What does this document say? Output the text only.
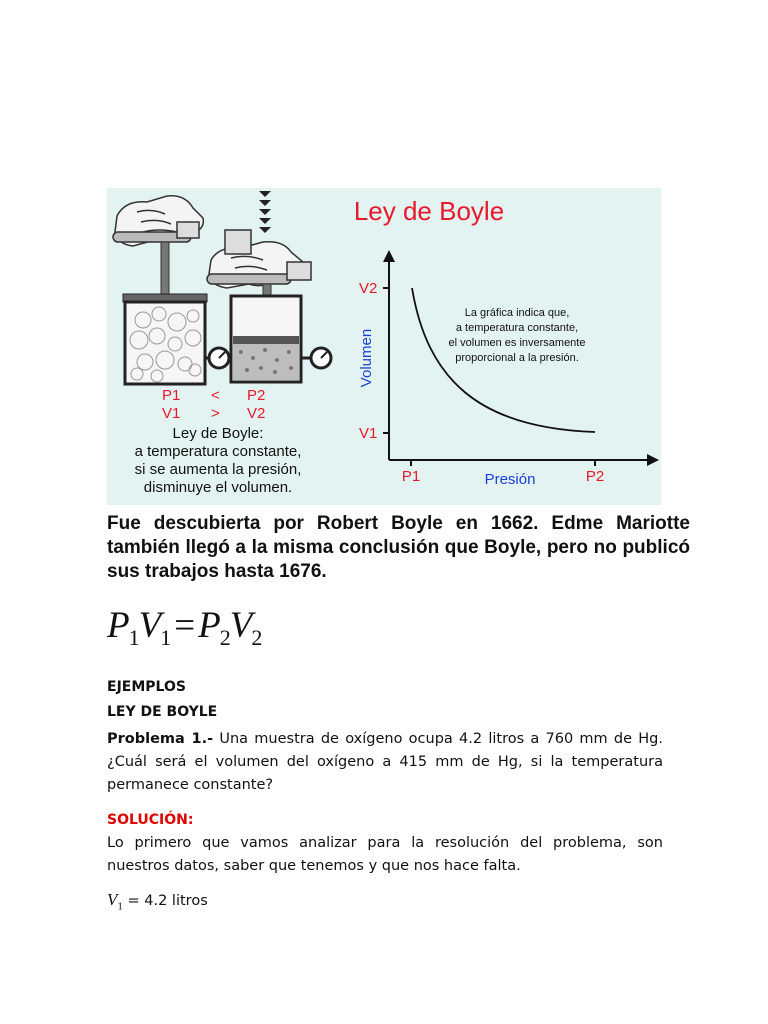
P1 < P2
V1 > V2
Ley de Boyle:
a temperatura constante,
si se aumenta la presión,
disminuye el volumen.
Ley de Boyle
V2
V1
P1	P2
Presión
Volumen
La gráfica indica que,
a temperatura constante,
el volumen es inversamente
proporcional a la presión.

Fue descubierta por Robert Boyle en 1662. Edme Mariotte también llegó a la misma conclusión que Boyle, pero no publicó sus trabajos hasta 1676.

$P_1V_1 = P_2V_2$

EJEMPLOS

LEY DE BOYLE

Problema 1.- Una muestra de oxígeno ocupa 4.2 litros a 760 mm de Hg. ¿Cuál será el volumen del oxígeno a 415 mm de Hg, si la temperatura permanece constante?

SOLUCIÓN:

Lo primero que vamos analizar para la resolución del problema, son nuestros datos, saber que tenemos y que nos hace falta.

$V_1 = 4.2$ litros
